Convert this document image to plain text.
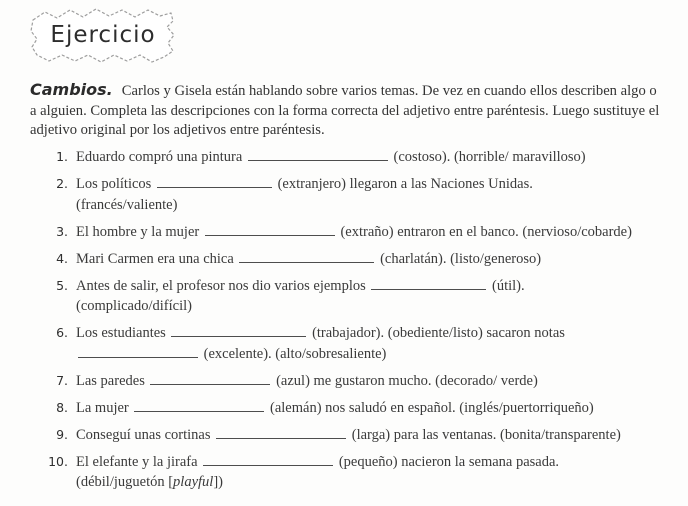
Ejercicio
Cambios. Carlos y Gisela están hablando sobre varios temas. De vez en cuando ellos describen algo o a alguien. Completa las descripciones con la forma correcta del adjetivo entre paréntesis. Luego sustituye el adjetivo original por los adjetivos entre paréntesis.
1. Eduardo compró una pintura	(costoso). (horrible/ maravilloso)
2. Los políticos	(extranjero) llegaron a las Naciones Unidas.
(francés/valiente)
3. El hombre y la mujer	(extraño) entraron en el banco. (nervioso/cobarde)
4. Mari Carmen era una chica	(charlatán). (listo/generoso)
5. Antes de salir, el profesor nos dio varios ejemplos	(útil).
(complicado/difícil)
6. Los estudiantes	(trabajador). (obediente/listo) sacaron notas
(excelente). (alto/sobresaliente)
7. Las paredes	(azul) me gustaron mucho. (decorado/ verde)
8. La mujer	(alemán) nos saludó en español. (inglés/puertorriqueño)
9. Conseguí unas cortinas	(larga) para las ventanas. (bonita/transparente)
10. El elefante y la jirafa	(pequeño) nacieron la semana pasada.
(débil/juguetón [playful])
